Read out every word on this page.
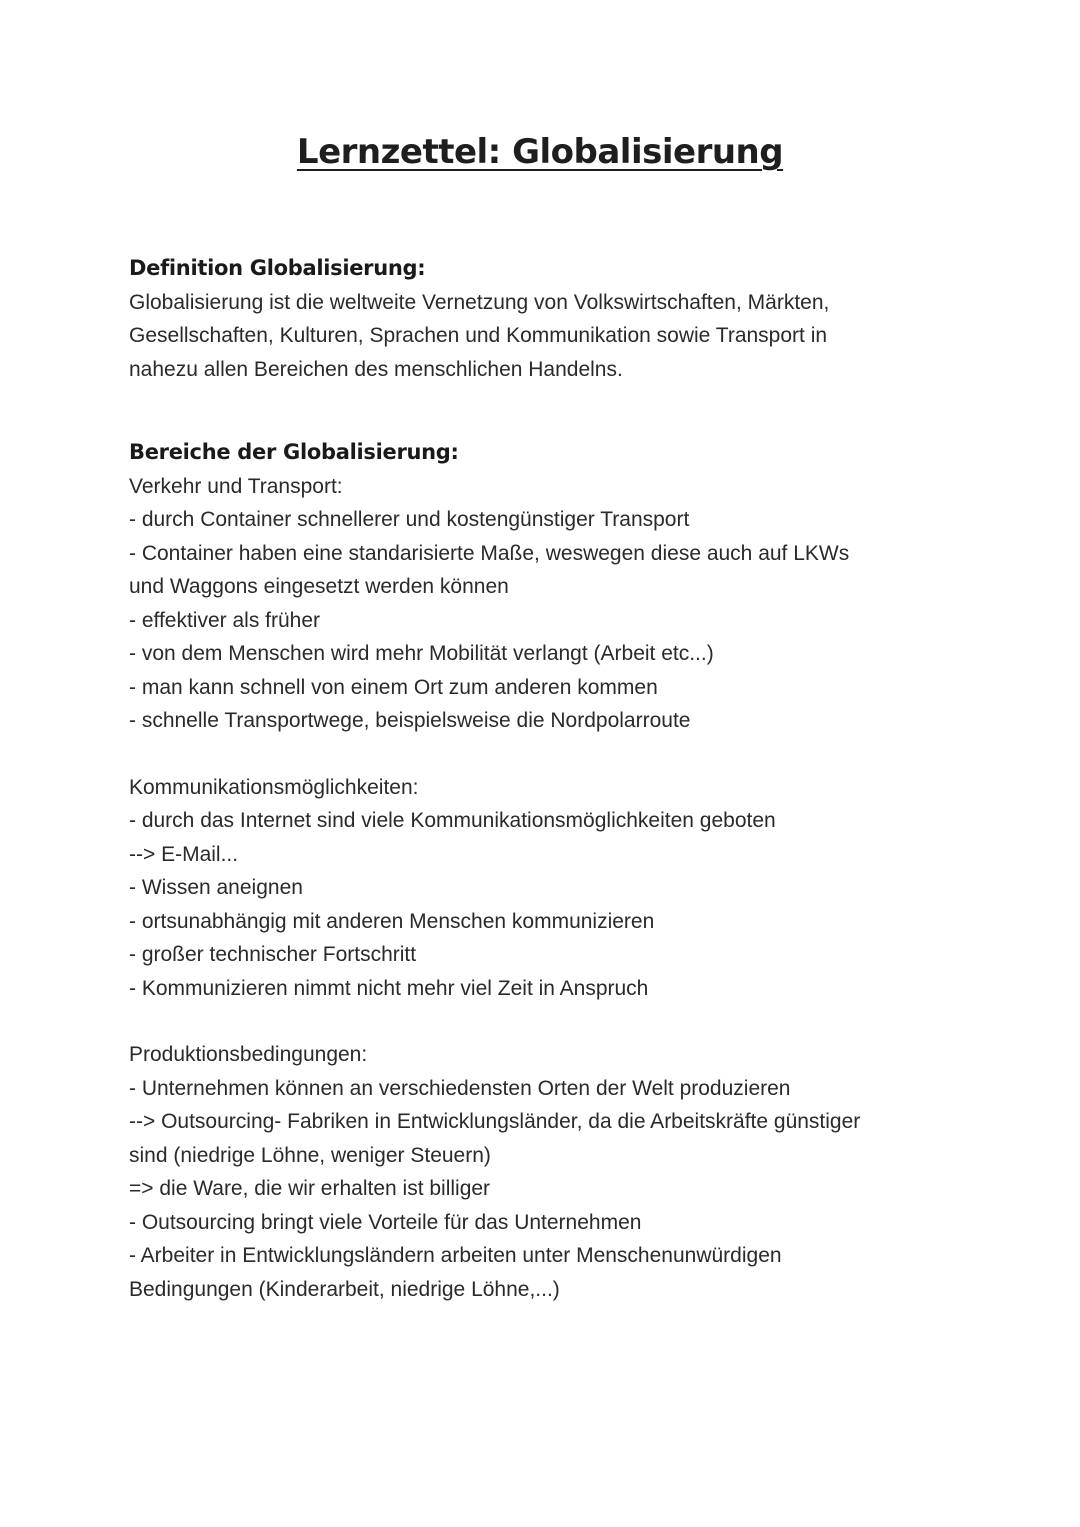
Lernzettel: Globalisierung

Definition Globalisierung:

Globalisierung ist die weltweite Vernetzung von Volkswirtschaften, Märkten,

Gesellschaften, Kulturen, Sprachen und Kommunikation sowie Transport in

nahezu allen Bereichen des menschlichen Handelns.

Bereiche der Globalisierung:

Verkehr und Transport:

- durch Container schnellerer und kostengünstiger Transport

- Container haben eine standarisierte Maße, weswegen diese auch auf LKWs

und Waggons eingesetzt werden können

- effektiver als früher

- von dem Menschen wird mehr Mobilität verlangt (Arbeit etc...)

- man kann schnell von einem Ort zum anderen kommen

- schnelle Transportwege, beispielsweise die Nordpolarroute

Kommunikationsmöglichkeiten:

- durch das Internet sind viele Kommunikationsmöglichkeiten geboten

--> E-Mail...

- Wissen aneignen

- ortsunabhängig mit anderen Menschen kommunizieren

- großer technischer Fortschritt

- Kommunizieren nimmt nicht mehr viel Zeit in Anspruch

Produktionsbedingungen:

- Unternehmen können an verschiedensten Orten der Welt produzieren

--> Outsourcing- Fabriken in Entwicklungsländer, da die Arbeitskräfte günstiger

sind (niedrige Löhne, weniger Steuern)

=> die Ware, die wir erhalten ist billiger

- Outsourcing bringt viele Vorteile für das Unternehmen

- Arbeiter in Entwicklungsländern arbeiten unter Menschenunwürdigen

Bedingungen (Kinderarbeit, niedrige Löhne,...)
